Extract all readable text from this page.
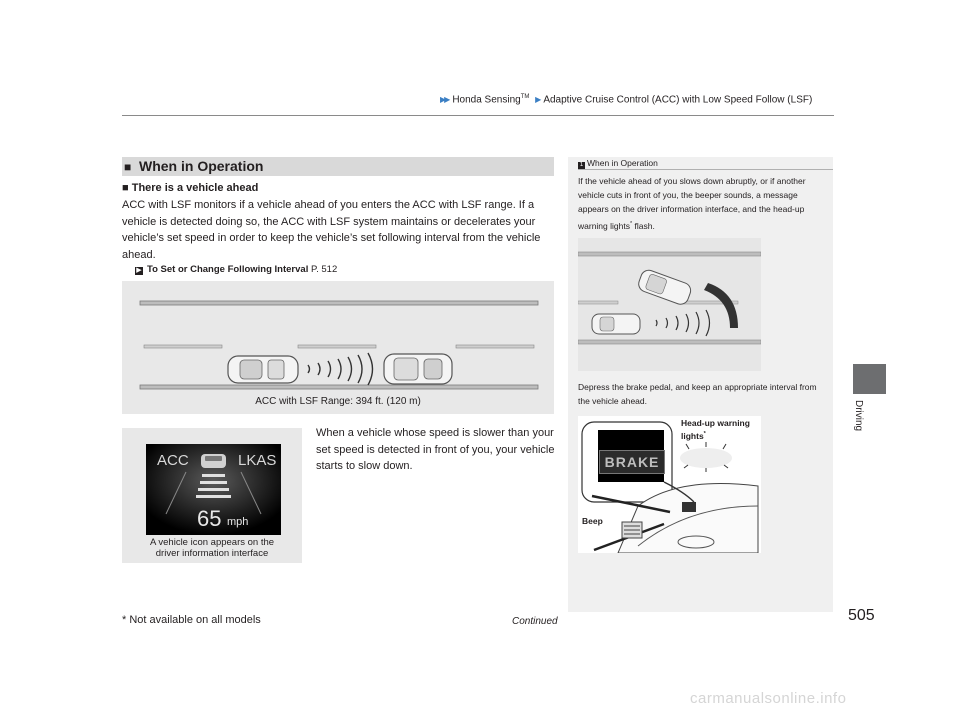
▶▶ Honda Sensing™ ▶ Adaptive Cruise Control (ACC) with Low Speed Follow (LSF)
Driving
■ When in Operation
■ There is a vehicle ahead
ACC with LSF monitors if a vehicle ahead of you enters the ACC with LSF range. If a vehicle is detected doing so, the ACC with LSF system maintains or decelerates your vehicle’s set speed in order to keep the vehicle’s set following interval from the vehicle ahead.
▶ To Set or Change Following Interval P. 512
ACC with LSF Range: 394 ft. (120 m)
ACC	LKAS
65 mph
A vehicle icon appears on the
driver information interface
When a vehicle whose speed is slower than your set speed is detected in front of you, your vehicle starts to slow down.
1 When in Operation
If the vehicle ahead of you slows down abruptly, or if another vehicle cuts in front of you, the beeper sounds, a message appears on the driver information interface, and the head-up warning lights* flash.
Depress the brake pedal, and keep an appropriate interval from the vehicle ahead.
BRAKE
Head-up warning
lights*
Beep
* Not available on all models	Continued	505
carmanualsonline.info
